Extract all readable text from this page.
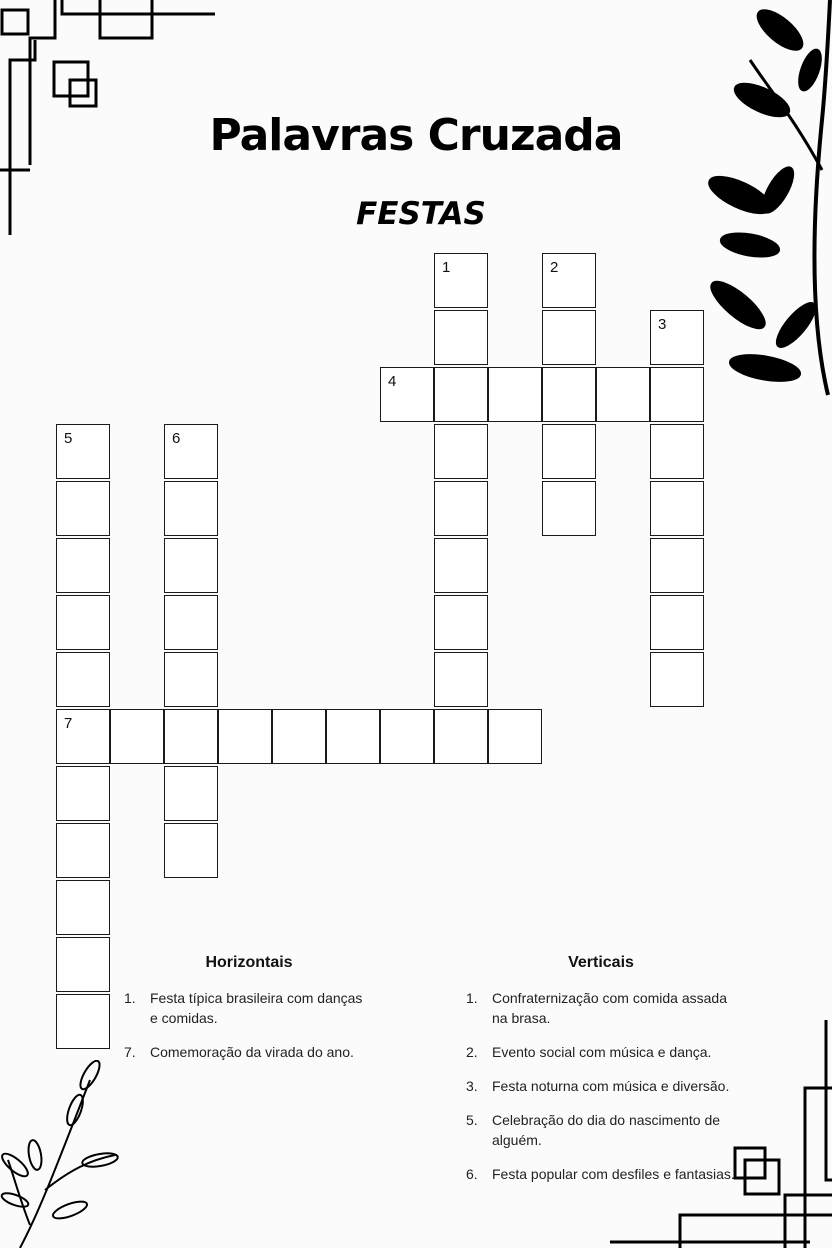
Palavras Cruzada
FESTAS
1	2
3
4
5
7
6
Horizontais
1.	Festa típica brasileira com danças e comidas.
7.	Comemoração da virada do ano.
Verticais
1.	Confraternização com comida assada na brasa.
2.	Evento social com música e dança.
3.	Festa noturna com música e diversão.
5.	Celebração do dia do nascimento de alguém.
6.	Festa popular com desfiles e fantasias.
